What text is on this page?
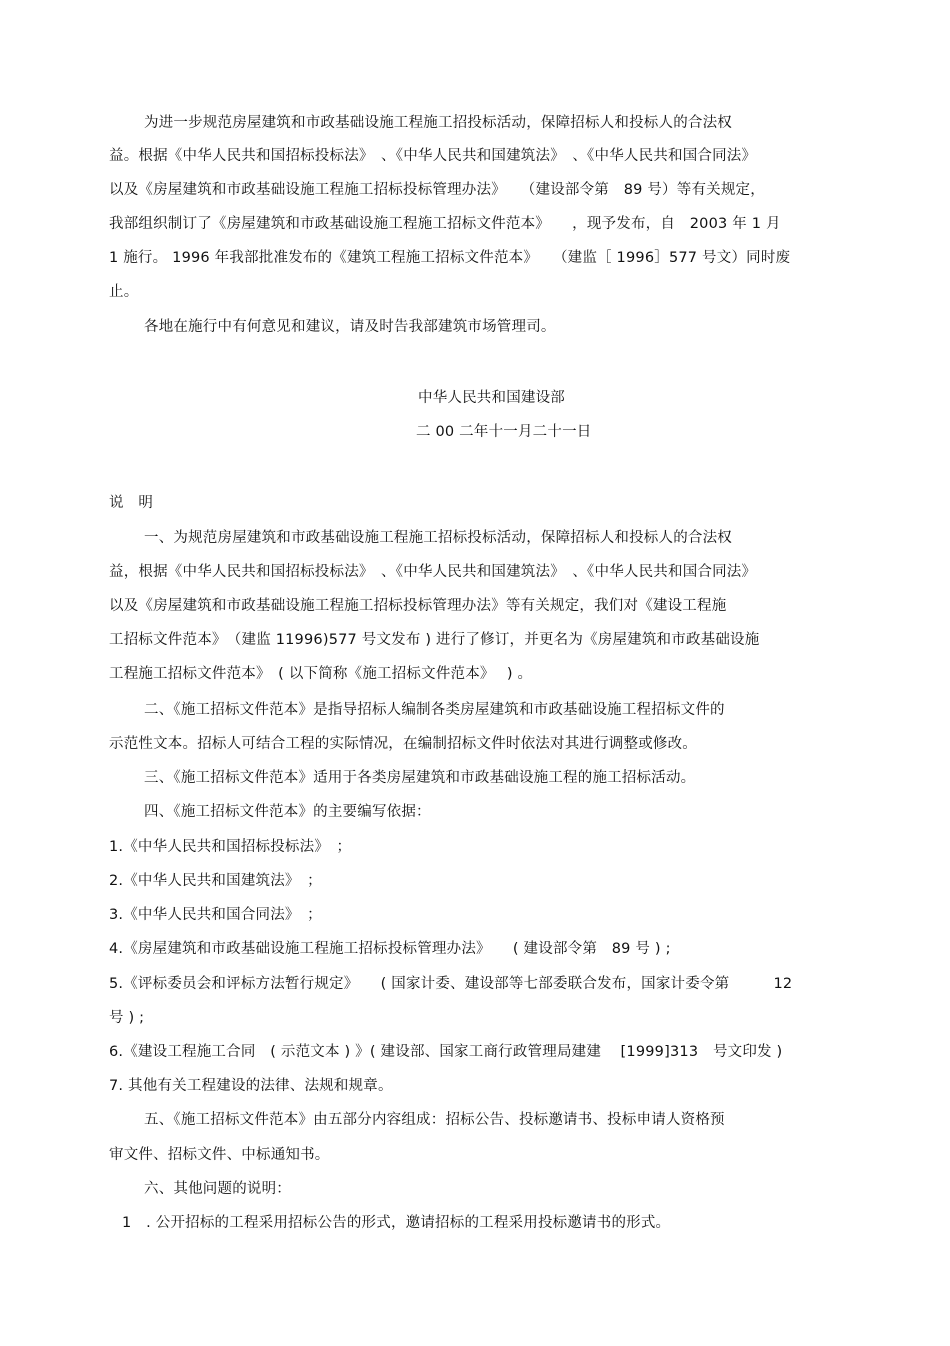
为进一步规范房屋建筑和市政基础设施工程施工招投标活动，保障招标人和投标人的合法权
益。根据《中华人民共和国招标投标法》　、《中华人民共和国建筑法》　、《中华人民共和国合同法》
以及《房屋建筑和市政基础设施工程施工招标投标管理办法》　　（建设部令第　89 号）等有关规定，
我部组织制订了《房屋建筑和市政基础设施工程施工招标文件范本》　　，现予发布，自　2003 年 1 月
1 施行。 1996 年我部批准发布的《建筑工程施工招标文件范本》　　（建监［ 1996］577 号文）同时废
止。
各地在施行中有何意见和建议，请及时告我部建筑市场管理司。
中华人民共和国建设部
二 00 二年十一月二十一日
说　明
一、为规范房屋建筑和市政基础设施工程施工招标投标活动，保障招标人和投标人的合法权
益，根据《中华人民共和国招标投标法》　、《中华人民共和国建筑法》　、《中华人民共和国合同法》
以及《房屋建筑和市政基础设施工程施工招标投标管理办法》等有关规定，我们对《建设工程施
工招标文件范本》　（建监 11996)577 号文发布 ) 进行了修订，并更名为《房屋建筑和市政基础设施
工程施工招标文件范本》　( 以下简称《施工招标文件范本》　 ) 。
二、《施工招标文件范本》是指导招标人编制各类房屋建筑和市政基础设施工程招标文件的
示范性文本。招标人可结合工程的实际情况，在编制招标文件时依法对其进行调整或修改。
三、《施工招标文件范本》适用于各类房屋建筑和市政基础设施工程的施工招标活动。
四、《施工招标文件范本》的主要编写依据：
1.《中华人民共和国招标投标法》　；
2.《中华人民共和国建筑法》　；
3.《中华人民共和国合同法》　；
4.《房屋建筑和市政基础设施工程施工招标投标管理办法》　　( 建设部令第　89 号 ) ;
5.《评标委员会和评标方法暂行规定》　　( 国家计委、建设部等七部委联合发布，国家计委令第　　　12
号 ) ;
6.《建设工程施工合同　( 示范文本 ) 》( 建设部、国家工商行政管理局建建　 [1999]313　号文印发 )
7. 其他有关工程建设的法律、法规和规章。
五、《施工招标文件范本》由五部分内容组成：招标公告、投标邀请书、投标申请人资格预
审文件、招标文件、中标通知书。
六、其他问题的说明：
1　. 公开招标的工程采用招标公告的形式，邀请招标的工程采用投标邀请书的形式。
